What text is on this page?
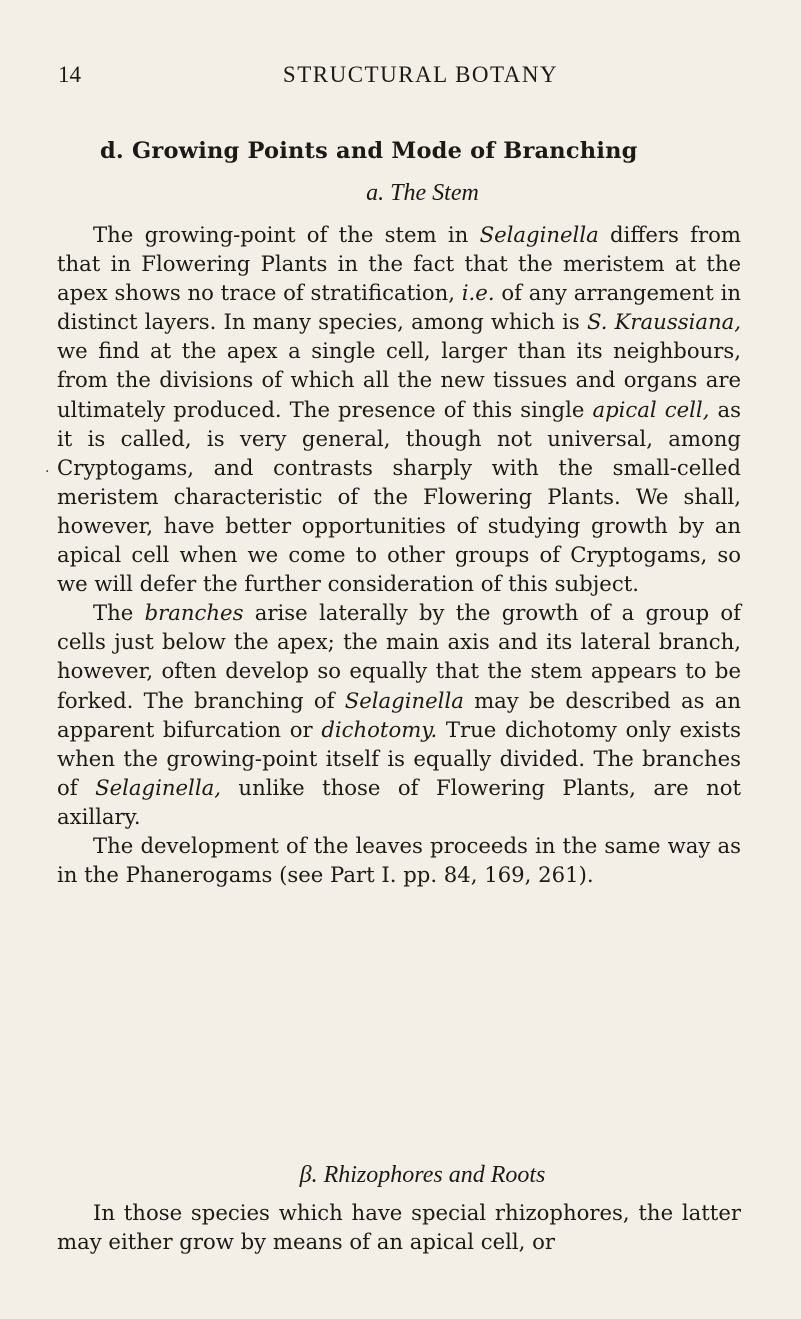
14	STRUCTURAL BOTANY
d. Growing Points and Mode of Branching
a. The Stem
.

The growing-point of the stem in Selaginella differs from that in Flowering Plants in the fact that the meristem at the apex shows no trace of stratification, i.e. of any arrangement in distinct layers. In many species, among which is S. Kraussiana, we find at the apex a single cell, larger than its neighbours, from the divisions of which all the new tissues and organs are ultimately produced. The presence of this single apical cell, as it is called, is very general, though not universal, among Cryptogams, and contrasts sharply with the small-celled meristem characteristic of the Flowering Plants. We shall, however, have better opportunities of studying growth by an apical cell when we come to other groups of Cryptogams, so we will defer the further consideration of this subject.

The branches arise laterally by the growth of a group of cells just below the apex; the main axis and its lateral branch, however, often develop so equally that the stem appears to be forked. The branching of Selaginella may be described as an apparent bifurcation or dichotomy. True dichotomy only exists when the growing-point itself is equally divided. The branches of Selaginella, unlike those of Flowering Plants, are not axillary.

The development of the leaves proceeds in the same way as in the Phanerogams (see Part I. pp. 84, 169, 261).

β. Rhizophores and Roots

In those species which have special rhizophores, the latter may either grow by means of an apical cell, or
